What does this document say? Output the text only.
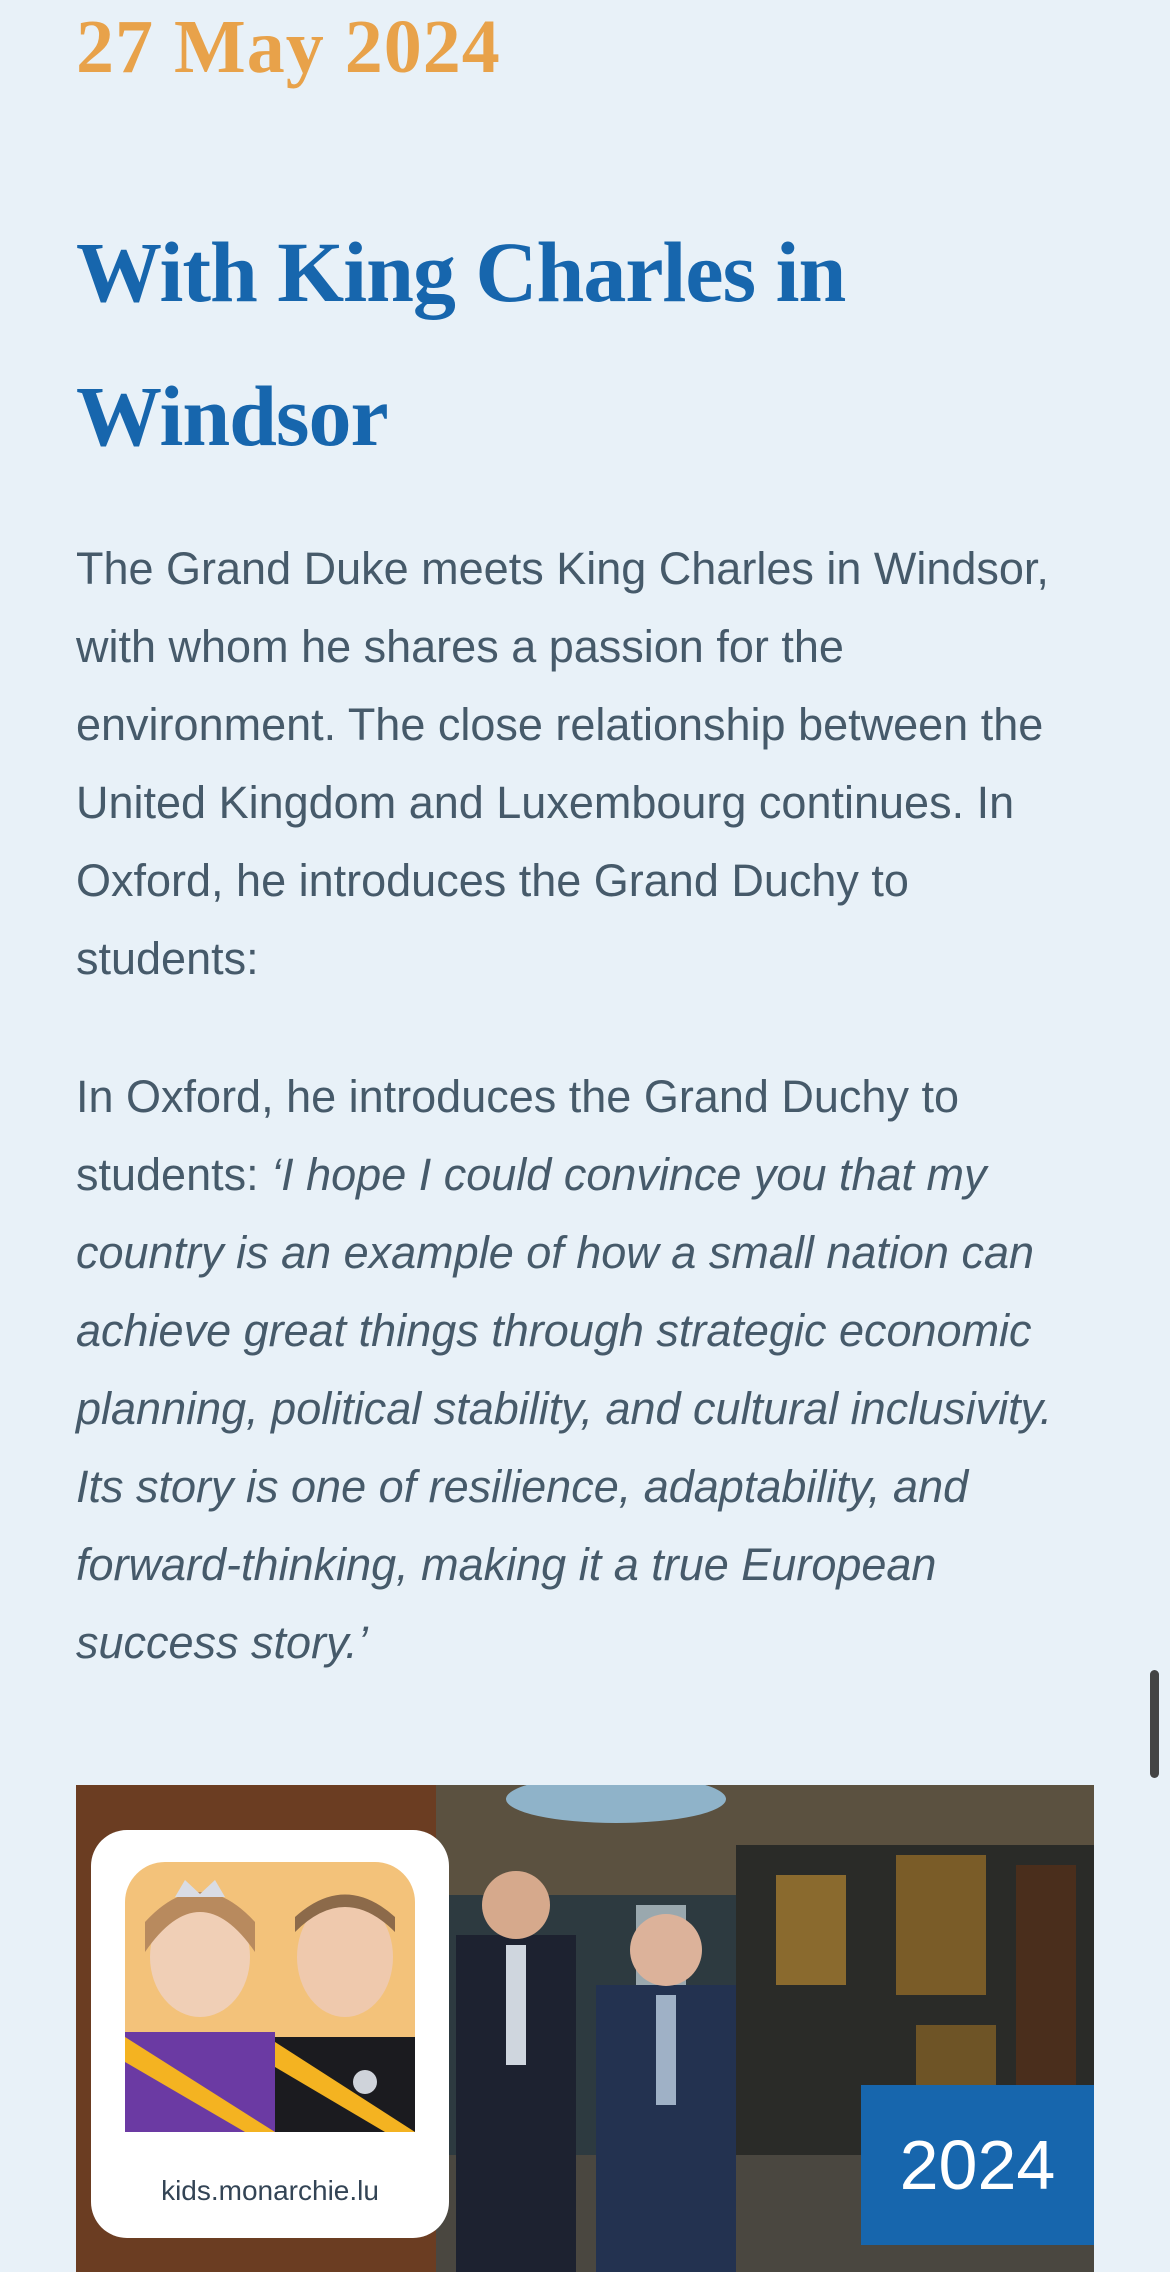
27 May 2024
With King Charles in Windsor

The Grand Duke meets King Charles in Windsor, with whom he shares a passion for the environment. The close relationship between the United Kingdom and Luxembourg continues. In Oxford, he introduces the Grand Duchy to students:

In Oxford, he introduces the Grand Duchy to students: ‘I hope I could convince you that my country is an example of how a small nation can achieve great things through strategic economic planning, political stability, and cultural inclusivity. Its story is one of resilience, adaptability, and forward-thinking, making it a true European success story.’

kids.monarchie.lu	2024
